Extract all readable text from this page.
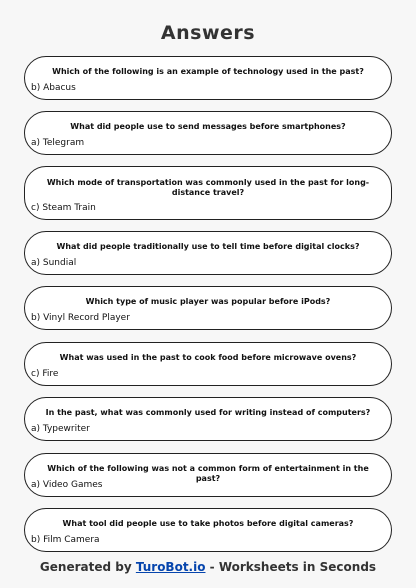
Answers
Which of the following is an example of technology used in the past?
b) Abacus
What did people use to send messages before smartphones?
a) Telegram
Which mode of transportation was commonly used in the past for long-distance travel?
c) Steam Train
What did people traditionally use to tell time before digital clocks?
a) Sundial
Which type of music player was popular before iPods?
b) Vinyl Record Player
What was used in the past to cook food before microwave ovens?
c) Fire
In the past, what was commonly used for writing instead of computers?
a) Typewriter
Which of the following was not a common form of entertainment in the past?
a) Video Games
What tool did people use to take photos before digital cameras?
b) Film Camera
Generated by TuroBot.io - Worksheets in Seconds
